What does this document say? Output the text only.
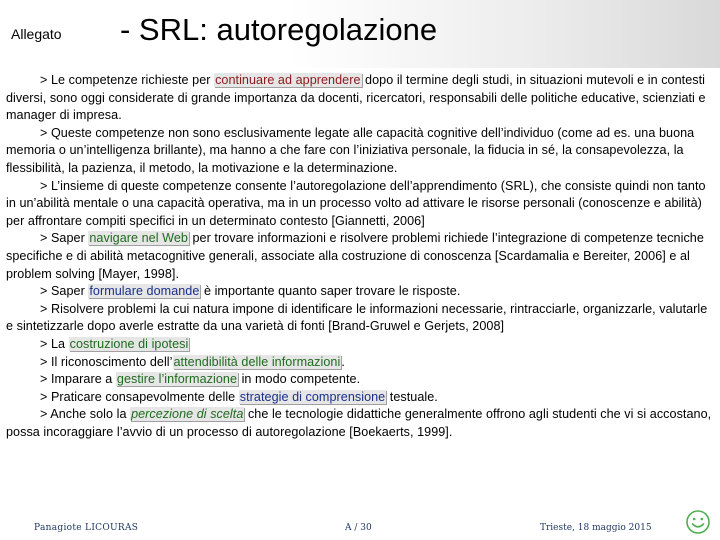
Allegato - SRL: autoregolazione

> Le competenze richieste per continuare ad apprendere dopo il termine degli studi, in situazioni mutevoli e in contesti diversi, sono oggi considerate di grande importanza da docenti, ricercatori, responsabili delle politiche educative, scienziati e manager di impresa.

> Queste competenze non sono esclusivamente legate alle capacità cognitive dell’individuo (come ad es. una buona memoria o un’intelligenza brillante), ma hanno a che fare con l’iniziativa personale, la fiducia in sé, la consapevolezza, la flessibilità, la pazienza, il metodo, la motivazione e la determinazione.

> L’insieme di queste competenze consente l’autoregolazione dell’apprendimento (SRL), che consiste quindi non tanto in un’abilità mentale o una capacità operativa, ma in un processo volto ad attivare le risorse personali (conoscenze e abilità) per affrontare compiti specifici in un determinato contesto [Giannetti, 2006]

> Saper navigare nel Web per trovare informazioni e risolvere problemi richiede l’integrazione di competenze tecniche specifiche e di abilità metacognitive generali, associate alla costruzione di conoscenza [Scardamalia e Bereiter, 2006] e al problem solving [Mayer, 1998].

> Saper formulare domande è importante quanto saper trovare le risposte.

> Risolvere problemi la cui natura impone di identificare le informazioni necessarie, rintracciarle, organizzarle, valutarle e sintetizzarle dopo averle estratte da una varietà di fonti [Brand-Gruwel e Gerjets, 2008]

> La costruzione di ipotesi

> Il riconoscimento dell’attendibilità delle informazioni.

> Imparare a gestire l’informazione in modo competente.

> Praticare consapevolmente delle strategie di comprensione testuale.

> Anche solo la percezione di scelta che le tecnologie didattiche generalmente offrono agli studenti che vi si accostano, possa incoraggiare l’avvio di un processo di autoregolazione [Boekaerts, 1999].

Panagiote LICOURAS	A / 30	Trieste, 18 maggio 2015
